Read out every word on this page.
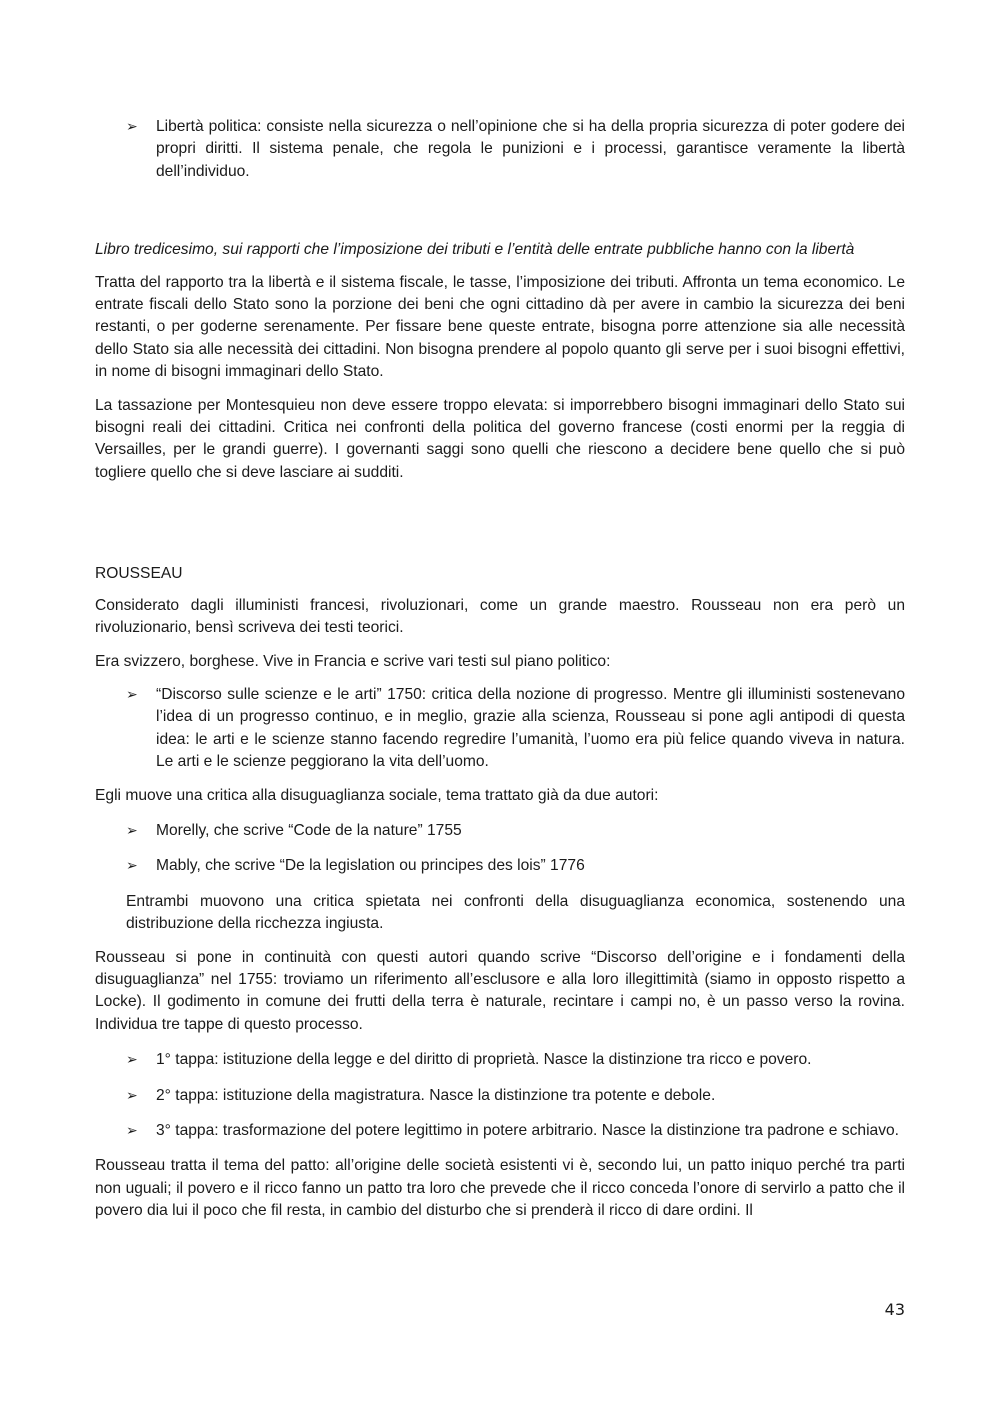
➢	Libertà politica: consiste nella sicurezza o nell’opinione che si ha della propria sicurezza di poter godere dei propri diritti. Il sistema penale, che regola le punizioni e i processi, garantisce veramente la libertà dell’individuo.

Libro tredicesimo, sui rapporti che l’imposizione dei tributi e l’entità delle entrate pubbliche hanno con la libertà

Tratta del rapporto tra la libertà e il sistema fiscale, le tasse, l’imposizione dei tributi. Affronta un tema economico. Le entrate fiscali dello Stato sono la porzione dei beni che ogni cittadino dà per avere in cambio la sicurezza dei beni restanti, o per goderne serenamente. Per fissare bene queste entrate, bisogna porre attenzione sia alle necessità dello Stato sia alle necessità dei cittadini. Non bisogna prendere al popolo quanto gli serve per i suoi bisogni effettivi, in nome di bisogni immaginari dello Stato.

La tassazione per Montesquieu non deve essere troppo elevata: si imporrebbero bisogni immaginari dello Stato sui bisogni reali dei cittadini. Critica nei confronti della politica del governo francese (costi enormi per la reggia di Versailles, per le grandi guerre). I governanti saggi sono quelli che riescono a decidere bene quello che si può togliere quello che si deve lasciare ai sudditi.

ROUSSEAU

Considerato dagli illuministi francesi, rivoluzionari, come un grande maestro. Rousseau non era però un rivoluzionario, bensì scriveva dei testi teorici.

Era svizzero, borghese. Vive in Francia e scrive vari testi sul piano politico:

➢	“Discorso sulle scienze e le arti” 1750: critica della nozione di progresso. Mentre gli illuministi sostenevano l’idea di un progresso continuo, e in meglio, grazie alla scienza, Rousseau si pone agli antipodi di questa idea: le arti e le scienze stanno facendo regredire l’umanità, l’uomo era più felice quando viveva in natura. Le arti e le scienze peggiorano la vita dell’uomo.

Egli muove una critica alla disuguaglianza sociale, tema trattato già da due autori:

➢	Morelly, che scrive “Code de la nature” 1755
➢	Mably, che scrive “De la legislation ou principes des lois” 1776

Entrambi muovono una critica spietata nei confronti della disuguaglianza economica, sostenendo una distribuzione della ricchezza ingiusta.

Rousseau si pone in continuità con questi autori quando scrive “Discorso dell’origine e i fondamenti della disuguaglianza” nel 1755: troviamo un riferimento all’esclusore e alla loro illegittimità (siamo in opposto rispetto a Locke). Il godimento in comune dei frutti della terra è naturale, recintare i campi no, è un passo verso la rovina. Individua tre tappe di questo processo.

➢	1° tappa: istituzione della legge e del diritto di proprietà. Nasce la distinzione tra ricco e povero.
➢	2° tappa: istituzione della magistratura. Nasce la distinzione tra potente e debole.
➢	3° tappa: trasformazione del potere legittimo in potere arbitrario. Nasce la distinzione tra padrone e schiavo.

Rousseau tratta il tema del patto: all’origine delle società esistenti vi è, secondo lui, un patto iniquo perché tra parti non uguali; il povero e il ricco fanno un patto tra loro che prevede che il ricco conceda l’onore di servirlo a patto che il povero dia lui il poco che fil resta, in cambio del disturbo che si prenderà il ricco di dare ordini. Il

43
